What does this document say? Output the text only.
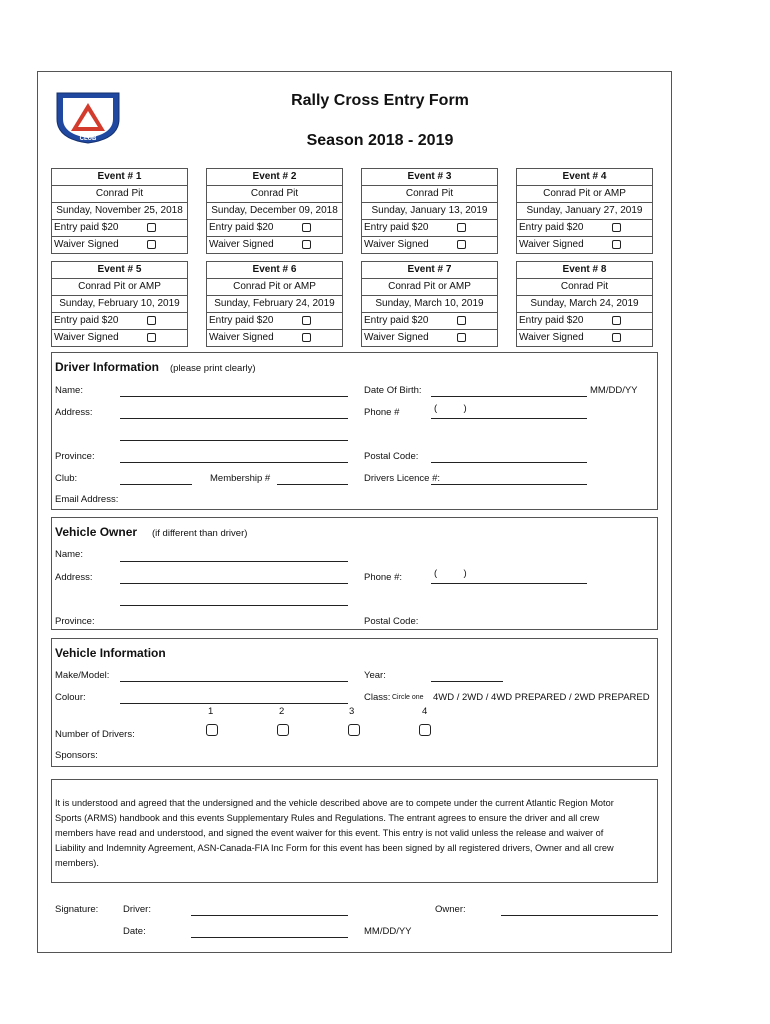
CLUB
Rally Cross Entry Form
Season 2018 - 2019
Event # 1
Conrad Pit
Sunday, November 25, 2018
Entry paid $20
Waiver Signed
Event # 2
Conrad Pit
Sunday, December 09, 2018
Entry paid $20
Waiver Signed
Event # 3
Conrad Pit
Sunday, January 13, 2019
Entry paid $20
Waiver Signed
Event # 4
Conrad Pit or AMP
Sunday, January 27, 2019
Entry paid $20
Waiver Signed
Event # 5
Conrad Pit or AMP
Sunday, February 10, 2019
Entry paid $20
Waiver Signed
Event # 6
Conrad Pit or AMP
Sunday, February 24, 2019
Entry paid $20
Waiver Signed
Event # 7
Conrad Pit or AMP
Sunday, March 10, 2019
Entry paid $20
Waiver Signed
Event # 8
Conrad Pit
Sunday, March 24, 2019
Entry paid $20
Waiver Signed
Driver Information (please print clearly)
Name:	Date Of Birth:	MM/DD/YY
Address:	Phone #	(          )
Province:	Postal Code:
Club:	Membership #	Drivers Licence #:
Email Address:
Vehicle Owner (if different than driver)
Name:
Address:	Phone #:	(          )
Province:	Postal Code:
Vehicle Information
Make/Model:	Year:
Colour:	Class: Circle one 4WD / 2WD / 4WD PREPARED / 2WD PREPARED
1	2	3	4
Number of Drivers:
Sponsors:
It is understood and agreed that the undersigned and the vehicle described above are to compete under the current Atlantic Region Motor Sports (ARMS) handbook and this events Supplementary Rules and Regulations. The entrant agrees to ensure the driver and all crew members have read and understood, and signed the event waiver for this event. This entry is not valid unless the release and waiver of Liability and Indemnity Agreement, ASN-Canada-FIA Inc Form for this event has been signed by all registered drivers, Owner and all crew members).
Signature:	Driver:	Owner:
Date:	MM/DD/YY
